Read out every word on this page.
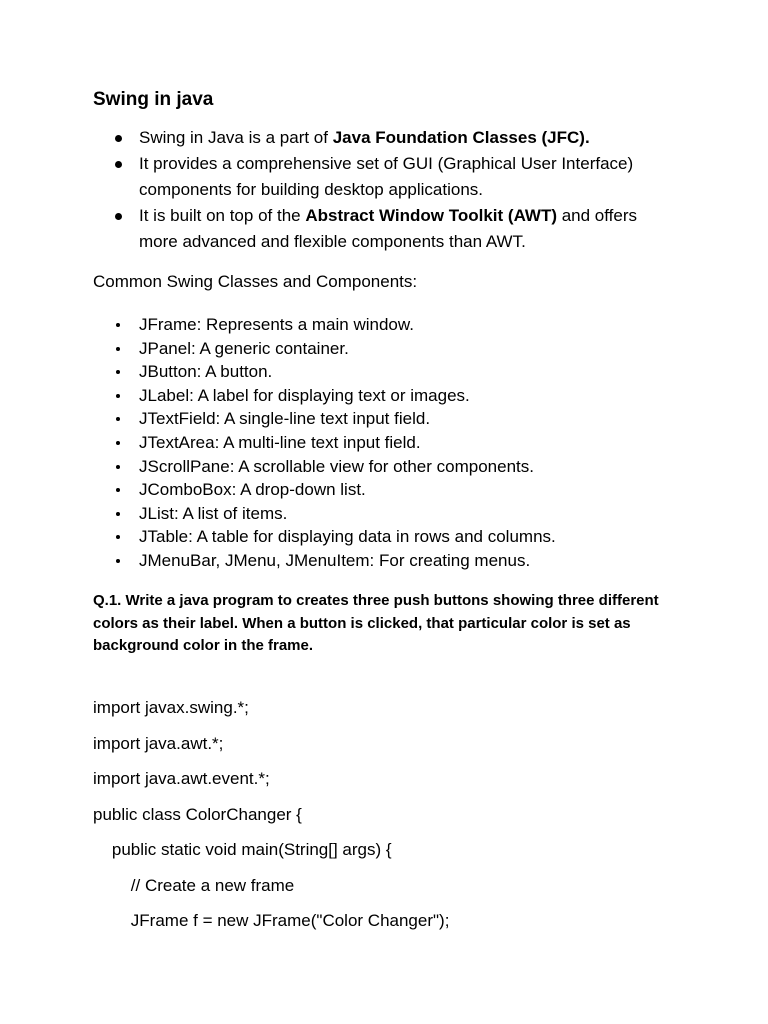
Swing in java
Swing in Java is a part of Java Foundation Classes (JFC).
It provides a comprehensive set of GUI (Graphical User Interface) components for building desktop applications.
It is built on top of the Abstract Window Toolkit (AWT) and offers more advanced and flexible components than AWT.
Common Swing Classes and Components:
JFrame: Represents a main window.
JPanel: A generic container.
JButton: A button.
JLabel: A label for displaying text or images.
JTextField: A single-line text input field.
JTextArea: A multi-line text input field.
JScrollPane: A scrollable view for other components.
JComboBox: A drop-down list.
JList: A list of items.
JTable: A table for displaying data in rows and columns.
JMenuBar, JMenu, JMenuItem: For creating menus.
Q.1. Write a java program to creates three push buttons showing three different colors as their label. When a button is clicked, that particular color is set as background color in the frame.
import javax.swing.*;
import java.awt.*;
import java.awt.event.*;
public class ColorChanger {
public static void main(String[] args) {
// Create a new frame
JFrame f = new JFrame("Color Changer");
